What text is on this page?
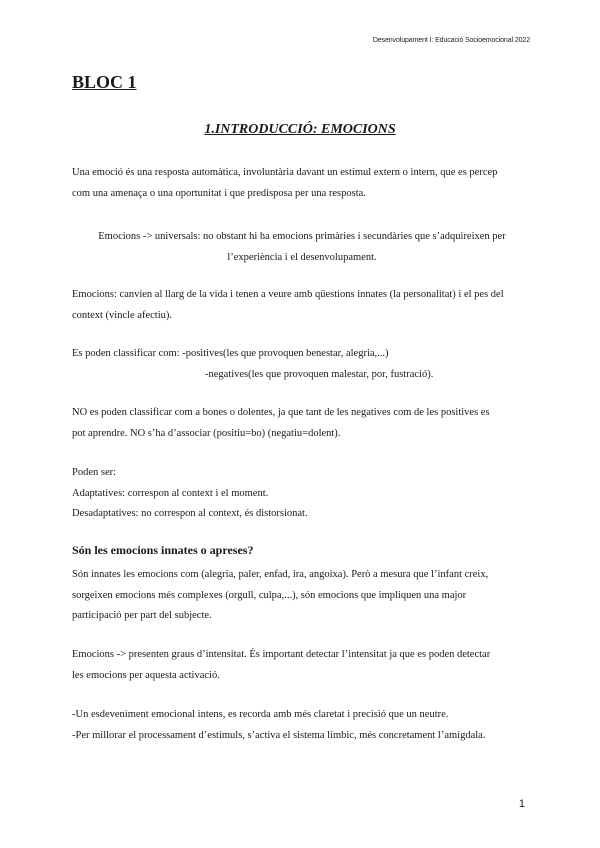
Desenvolupament I: Educació Socioemocional 2022
BLOC 1
1.INTRODUCCIÓ: EMOCIONS
Una emoció és una resposta automàtica, involuntària davant un estímul extern o intern, que es percep
com una amenaça o una oportunitat i que predisposa per una resposta.
Emocions -> universals: no obstant hi ha emocions primàries i secundàries que s’adquireixen per
l’experiència i el desenvolupament.
Emocions: canvien al llarg de la vida i tenen a veure amb qüestions innates (la personalitat) i el pes del
context (vincle afectiu).
Es poden classificar com: -positives(les que provoquen benestar, alegria,...)
-negatives(les que provoquen malestar, por, fustració).
NO es poden classificar com a bones o dolentes, ja que tant de les negatives com de les positives es
pot aprendre. NO s’ha d’associar (positiu=bo) (negatiu=dolent).
Poden ser:
Adaptatives: correspon al context i el moment.
Desadaptatives: no correspon al context, és distorsionat.
Són les emocions innates o apreses?
Són innates les emocions com (alegria, paler, enfad, ira, angoixa). Però a mesura que l’infant creix,
sorgeixen emocions més complexes (orgull, culpa,...), són emocions que impliquen una major
participació per part del subjecte.
Emocions -> presenten graus d’intensitat. És important detectar l’intensitat ja que es poden detectar
les emocions per aquesta activació.
-Un esdeveniment emocional intens, es recorda amb més claretat i precisió que un neutre.
-Per millorar el processament d’estímuls, s’activa el sistema límbic, més concretament l’amígdala.
1
